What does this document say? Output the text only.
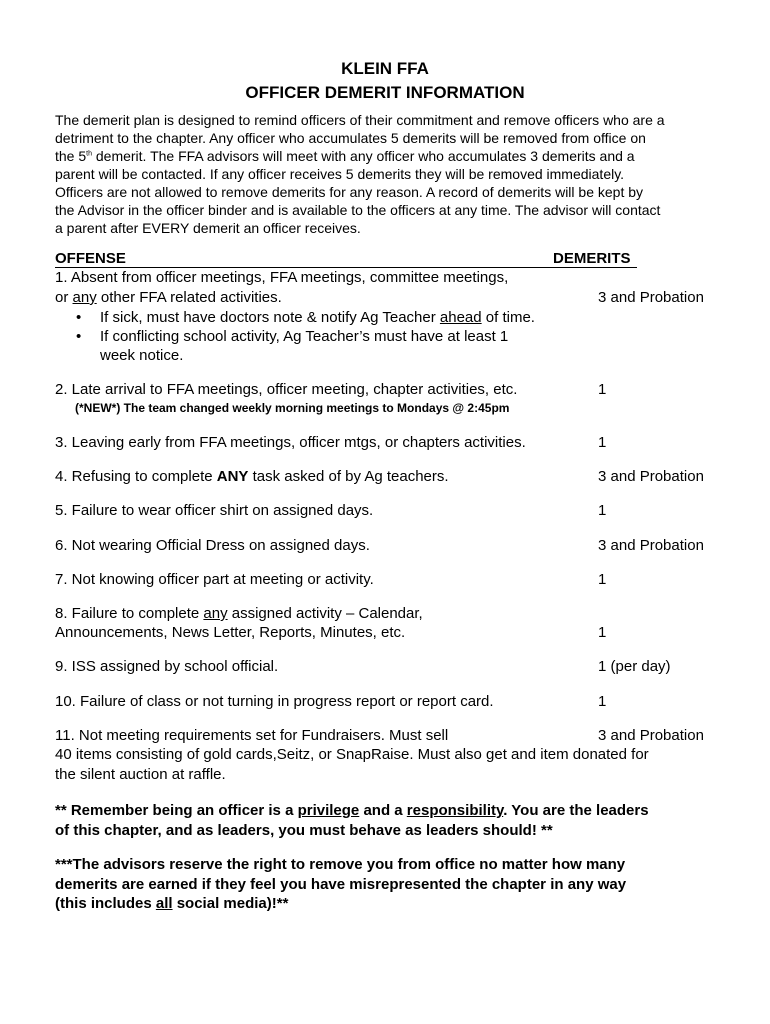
KLEIN FFA
OFFICER DEMERIT INFORMATION
The demerit plan is designed to remind officers of their commitment and remove officers who are a
detriment to the chapter. Any officer who accumulates 5 demerits will be removed from office on
the 5th demerit. The FFA advisors will meet with any officer who accumulates 3 demerits and a
parent will be contacted. If any officer receives 5 demerits they will be removed immediately.
Officers are not allowed to remove demerits for any reason. A record of demerits will be kept by
the Advisor in the officer binder and is available to the officers at any time. The advisor will contact
a parent after EVERY demerit an officer receives.
OFFENSE	DEMERITS
1. Absent from officer meetings, FFA meetings, committee meetings,
or any other FFA related activities.	3 and Probation
• If sick, must have doctors note & notify Ag Teacher ahead of time.
• If conflicting school activity, Ag Teacher’s must have at least 1
week notice.
2. Late arrival to FFA meetings, officer meeting, chapter activities, etc.	1
(*NEW*) The team changed weekly morning meetings to Mondays @ 2:45pm
3. Leaving early from FFA meetings, officer mtgs, or chapters activities.	1
4. Refusing to complete ANY task asked of by Ag teachers.	3 and Probation
5. Failure to wear officer shirt on assigned days.	1
6. Not wearing Official Dress on assigned days.	3 and Probation
7. Not knowing officer part at meeting or activity.	1
8. Failure to complete any assigned activity – Calendar,
Announcements, News Letter, Reports, Minutes, etc.	1
9. ISS assigned by school official.	1 (per day)
10. Failure of class or not turning in progress report or report card.	1
11. Not meeting requirements set for Fundraisers. Must sell	3 and Probation
40 items consisting of gold cards,Seitz, or SnapRaise. Must also get and item donated for
the silent auction at raffle.
** Remember being an officer is a privilege and a responsibility. You are the leaders
of this chapter, and as leaders, you must behave as leaders should! **
***The advisors reserve the right to remove you from office no matter how many
demerits are earned if they feel you have misrepresented the chapter in any way
(this includes all social media)!**
